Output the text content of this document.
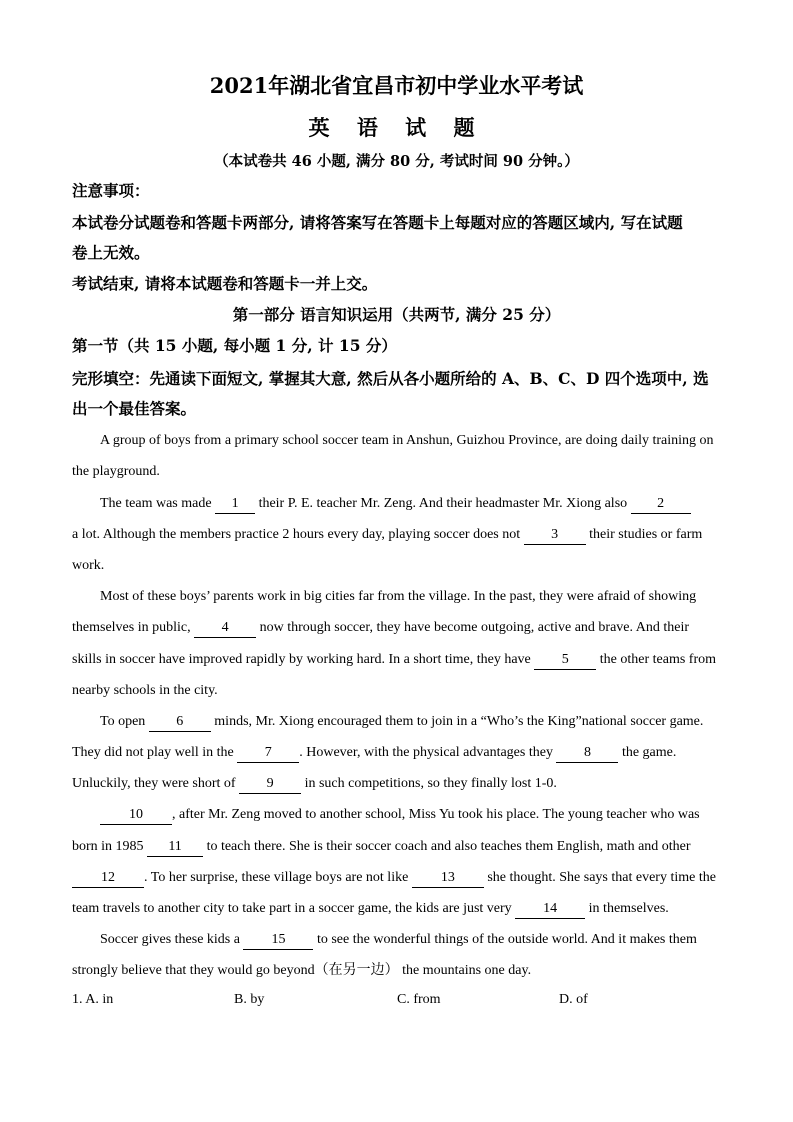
2021年湖北省宜昌市初中学业水平考试
英 语 试 题
（本试卷共 46 小题, 满分 80 分, 考试时间 90 分钟。）
注意事项：
本试卷分试题卷和答题卡两部分, 请将答案写在答题卡上每题对应的答题区域内, 写在试题
卷上无效。
考试结束, 请将本试题卷和答题卡一并上交。
第一部分 语言知识运用（共两节, 满分 25 分）
第一节（共 15 小题, 每小题 1 分, 计 15 分）
完形填空：先通读下面短文, 掌握其大意, 然后从各小题所给的 A、B、C、D 四个选项中, 选
出一个最佳答案。
A group of boys from a primary school soccer team in Anshun, Guizhou Province, are doing daily training on
the playground.
The team was made 1 their P. E. teacher Mr. Zeng. And their headmaster Mr. Xiong also 2
a lot. Although the members practice 2 hours every day, playing soccer does not 3 their studies or farm
work.
Most of these boys’ parents work in big cities far from the village. In the past, they were afraid of showing
themselves in public, 4 now through soccer, they have become outgoing, active and brave. And their
skills in soccer have improved rapidly by working hard. In a short time, they have 5 the other teams from
nearby schools in the city.
To open 6 minds, Mr. Xiong encouraged them to join in a “Who’s the King”national soccer game.
They did not play well in the 7 . However, with the physical advantages they 8 the game.
Unluckily, they were short of 9 in such competitions, so they finally lost 1-0.
10 , after Mr. Zeng moved to another school, Miss Yu took his place. The young teacher who was
born in 1985 11 to teach there. She is their soccer coach and also teaches them English, math and other
12 . To her surprise, these village boys are not like 13 she thought. She says that every time the
team travels to another city to take part in a soccer game, the kids are just very 14 in themselves.
Soccer gives these kids a 15 to see the wonderful things of the outside world. And it makes them
strongly believe that they would go beyond（在另一边） the mountains one day.
1. A. in	B. by	C. from	D. of
